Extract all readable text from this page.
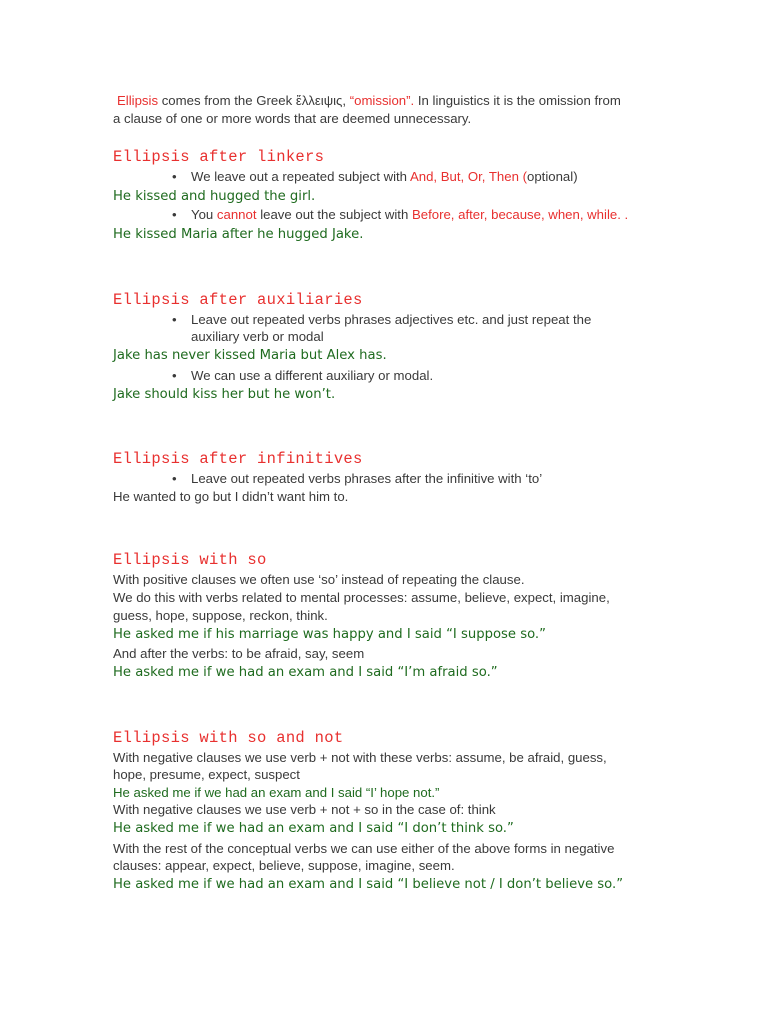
Ellipsis comes from the Greek ἔλλειψις, “omission”. In linguistics it is the omission from
a clause of one or more words that are deemed unnecessary.
Ellipsis after linkers
• We leave out a repeated subject with And, But, Or, Then (optional)
He kissed and hugged the girl.
• You cannot leave out the subject with Before, after, because, when, while. .
He kissed Maria after he hugged Jake.
Ellipsis after auxiliaries
• Leave out repeated verbs phrases adjectives etc. and just repeat the
auxiliary verb or modal
Jake has never kissed Maria but Alex has.
• We can use a different auxiliary or modal.
Jake should kiss her but he won’t.
Ellipsis after infinitives
• Leave out repeated verbs phrases after the infinitive with ‘to’
He wanted to go but I didn’t want him to.
Ellipsis with so
With positive clauses we often use ‘so’ instead of repeating the clause.
We do this with verbs related to mental processes: assume, believe, expect, imagine,
guess, hope, suppose, reckon, think.
He asked me if his marriage was happy and I said “I suppose so.”
And after the verbs: to be afraid, say, seem
He asked me if we had an exam and I said “I’m afraid so.”
Ellipsis with so and not
With negative clauses we use verb + not with these verbs: assume, be afraid, guess,
hope, presume, expect, suspect
He asked me if we had an exam and I said “I’ hope not.”
With negative clauses we use verb + not + so in the case of: think
He asked me if we had an exam and I said “I don’t think so.”
With the rest of the conceptual verbs we can use either of the above forms in negative
clauses: appear, expect, believe, suppose, imagine, seem.
He asked me if we had an exam and I said “I believe not / I don’t believe so.”
